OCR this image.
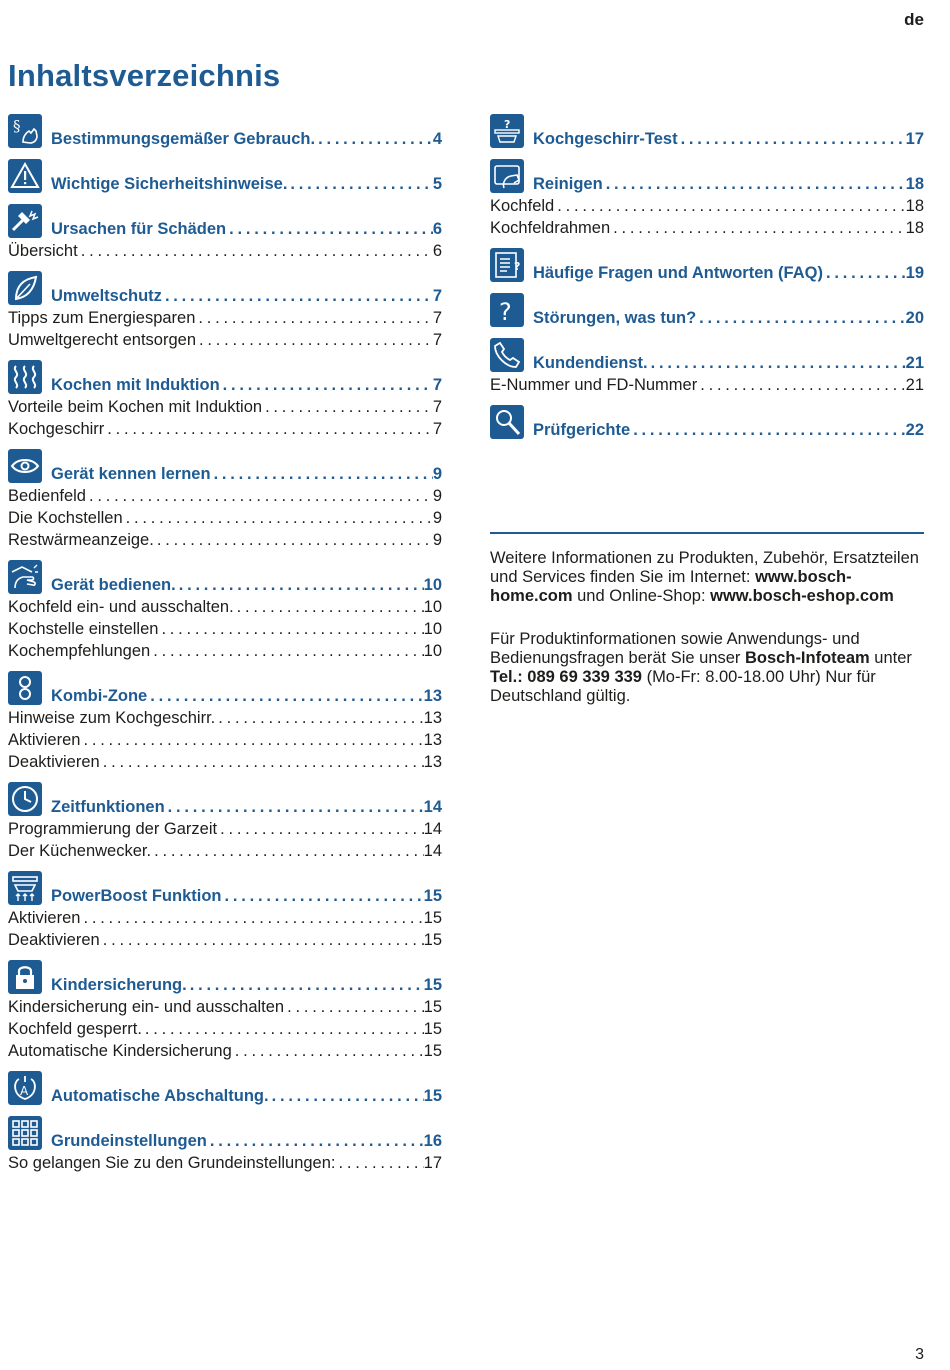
de
Inhaltsverzeichnis
§
Bestimmungsgemäßer Gebrauch. . . .	4
Wichtige Sicherheitshinweise. . . .	5
Ursachen für Schäden . . .	6
Übersicht . . .	6
Umweltschutz . . .	7
Tipps zum Energiesparen . . .	7
Umweltgerecht entsorgen . . .	7
Kochen mit Induktion . . .	7
Vorteile beim Kochen mit Induktion . . .	7
Kochgeschirr . . .	7
Gerät kennen lernen . . .	9
Bedienfeld . . .	9
Die Kochstellen . . .	9
Restwärmeanzeige. . . .	9
Gerät bedienen. . . .	10
Kochfeld ein- und ausschalten. . . .	10
Kochstelle einstellen . . .	10
Kochempfehlungen . . .	10
Kombi-Zone . . .	13
Hinweise zum Kochgeschirr. . . .	13
Aktivieren . . .	13
Deaktivieren . . .	13
Zeitfunktionen . . .	14
Programmierung der Garzeit . . .	14
Der Küchenwecker. . . .	14
PowerBoost Funktion . . .	15
Aktivieren . . .	15
Deaktivieren . . .	15
Kindersicherung. . . .	15
Kindersicherung ein- und ausschalten . . .	15
Kochfeld gesperrt. . . .	15
Automatische Kindersicherung . . .	15
A Automatische Abschaltung. . . .	15
Grundeinstellungen . . .	16
So gelangen Sie zu den Grundeinstellungen: . . .	17
?
Kochgeschirr-Test . . .	17
Reinigen . . .	18
Kochfeld . . .	18
Kochfeldrahmen . . .	18
? Häufige Fragen und Antworten (FAQ) . . .	19
? Störungen, was tun? . . .	20
Kundendienst. . . .	21
E-Nummer und FD-Nummer . . .	21
Prüfgerichte . . .	22
Weitere Informationen zu Produkten, Zubehör, Ersatzteilen und Services finden Sie im Internet: www.bosch-home.com und Online-Shop: www.bosch-eshop.com
Für Produktinformationen sowie Anwendungs- und Bedienungsfragen berät Sie unser Bosch-Infoteam unter Tel.: 089 69 339 339 (Mo-Fr: 8.00-18.00 Uhr) Nur für Deutschland gültig.
3
